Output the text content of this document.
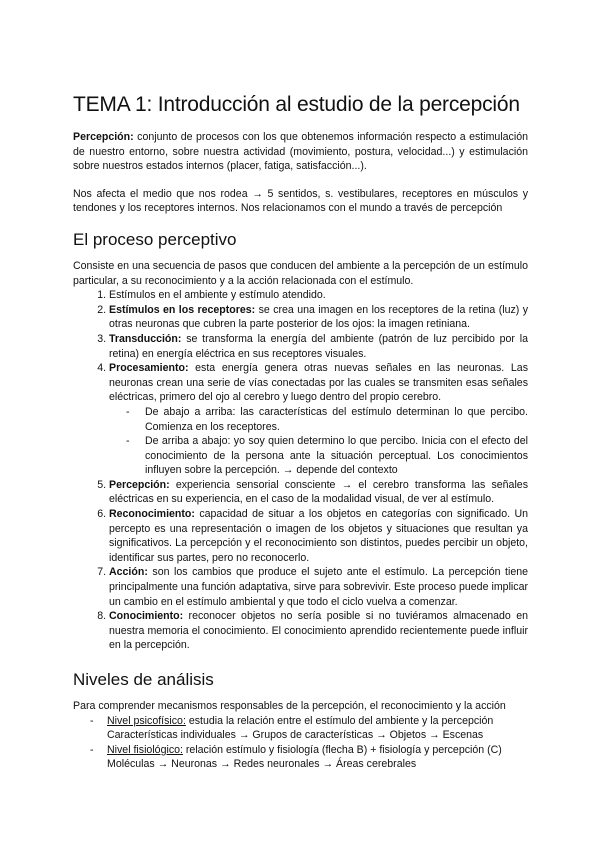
TEMA 1: Introducción al estudio de la percepción

Percepción: conjunto de procesos con los que obtenemos información respecto a estimulación de nuestro entorno, sobre nuestra actividad (movimiento, postura, velocidad...) y estimulación sobre nuestros estados internos (placer, fatiga, satisfacción...).

Nos afecta el medio que nos rodea → 5 sentidos, s. vestibulares, receptores en músculos y tendones y los receptores internos. Nos relacionamos con el mundo a través de percepción

El proceso perceptivo

Consiste en una secuencia de pasos que conducen del ambiente a la percepción de un estímulo particular, a su reconocimiento y a la acción relacionada con el estímulo.

1. Estímulos en el ambiente y estímulo atendido.
2. Estímulos en los receptores: se crea una imagen en los receptores de la retina (luz) y otras neuronas que cubren la parte posterior de los ojos: la imagen retiniana.
3. Transducción: se transforma la energía del ambiente (patrón de luz percibido por la retina) en energía eléctrica en sus receptores visuales.
4. Procesamiento: esta energía genera otras nuevas señales en las neuronas. Las neuronas crean una serie de vías conectadas por las cuales se transmiten esas señales eléctricas, primero del ojo al cerebro y luego dentro del propio cerebro.
- De abajo a arriba: las características del estímulo determinan lo que percibo. Comienza en los receptores.
- De arriba a abajo: yo soy quien determino lo que percibo. Inicia con el efecto del conocimiento de la persona ante la situación perceptual. Los conocimientos influyen sobre la percepción. → depende del contexto
5. Percepción: experiencia sensorial consciente → el cerebro transforma las señales eléctricas en su experiencia, en el caso de la modalidad visual, de ver al estímulo.
6. Reconocimiento: capacidad de situar a los objetos en categorías con significado. Un percepto es una representación o imagen de los objetos y situaciones que resultan ya significativos. La percepción y el reconocimiento son distintos, puedes percibir un objeto, identificar sus partes, pero no reconocerlo.
7. Acción: son los cambios que produce el sujeto ante el estímulo. La percepción tiene principalmente una función adaptativa, sirve para sobrevivir. Este proceso puede implicar un cambio en el estímulo ambiental y que todo el ciclo vuelva a comenzar.
8. Conocimiento: reconocer objetos no sería posible si no tuviéramos almacenado en nuestra memoria el conocimiento. El conocimiento aprendido recientemente puede influir en la percepción.
Niveles de análisis

Para comprender mecanismos responsables de la percepción, el reconocimiento y la acción

- Nivel psicofísico: estudia la relación entre el estímulo del ambiente y la percepción
Características individuales → Grupos de características → Objetos → Escenas
- Nivel fisiológico: relación estímulo y fisiología (flecha B) + fisiología y percepción (C)
Moléculas → Neuronas → Redes neuronales → Áreas cerebrales
